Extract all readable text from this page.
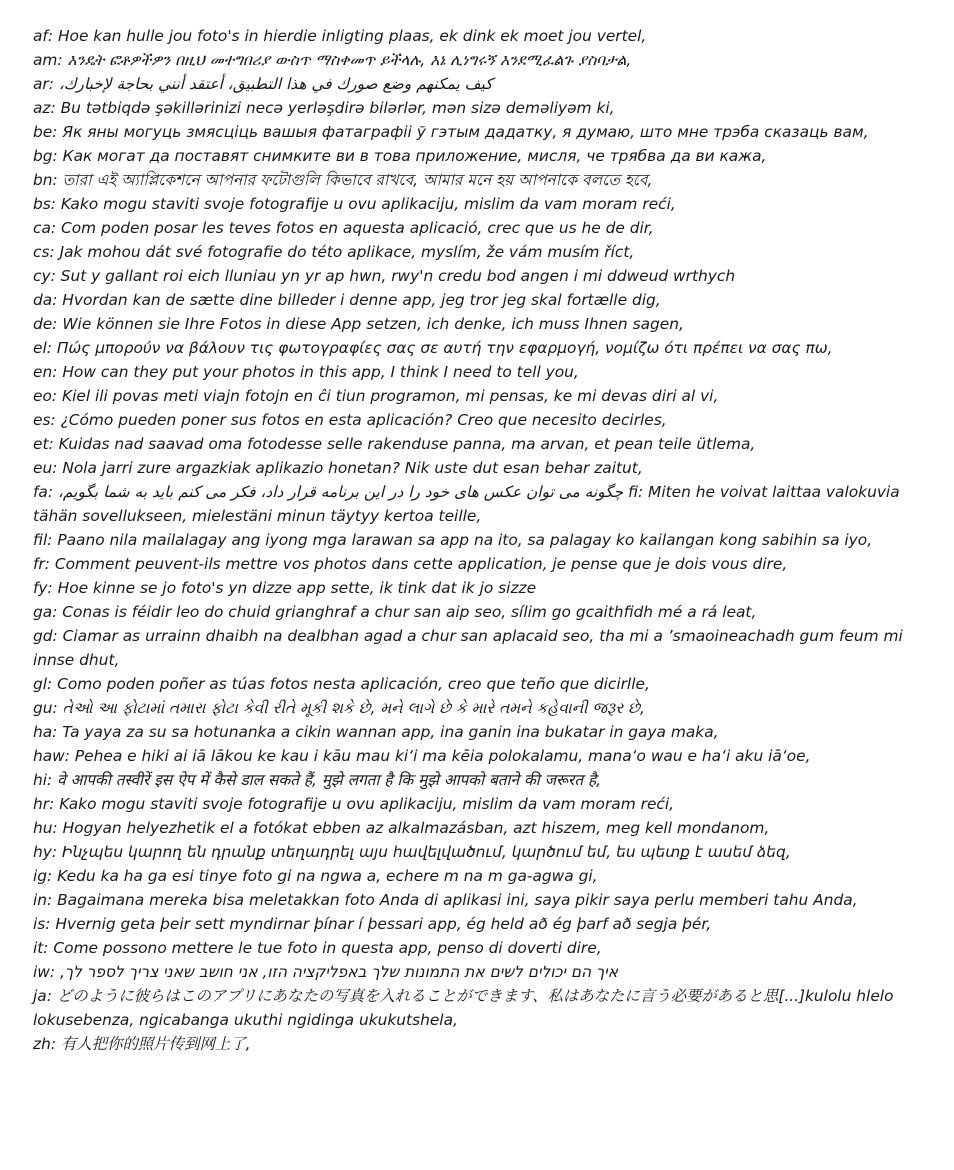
af: Hoe kan hulle jou foto's in hierdie inligting plaas, ek dink ek moet jou vertel,
am: እንዴት ፎቶዎችዎን በዚህ መተግበሪያ ውስጥ ማስቀመጥ ይችላሉ, እኔ ሊነግሩኝ እንደሚፈልጉ ያስባታል,
ar: كيف يمكنهم وضع صورك في هذا التطبيق، أعتقد أنني بحاجة لإخبارك،
az: Bu tətbiqdə şəkillərinizi necə yerləşdirə bilərlər, mən sizə deməliyəm ki,
be: Як яны могуць змясціць вашыя фатаграфіі ў гэтым дадатку, я думаю, што мне трэба сказаць вам,
bg: Как могат да поставят снимките ви в това приложение, мисля, че трябва да ви кажа,
bn: তারা এই অ্যাপ্লিকেশনে আপনার ফটোগুলি কিভাবে রাখবে, আমার মনে হয় আপনাকে বলতে হবে,
bs: Kako mogu staviti svoje fotografije u ovu aplikaciju, mislim da vam moram reći,
ca: Com poden posar les teves fotos en aquesta aplicació, crec que us he de dir,
cs: Jak mohou dát své fotografie do této aplikace, myslím, že vám musím říct,
cy: Sut y gallant roi eich lluniau yn yr ap hwn, rwy'n credu bod angen i mi ddweud wrthych
da: Hvordan kan de sætte dine billeder i denne app, jeg tror jeg skal fortælle dig,
de: Wie können sie Ihre Fotos in diese App setzen, ich denke, ich muss Ihnen sagen,
el: Πώς μπορούν να βάλουν τις φωτογραφίες σας σε αυτή την εφαρμογή, νομίζω ότι πρέπει να σας πω,
en: How can they put your photos in this app, I think I need to tell you,
eo: Kiel ili povas meti viajn fotojn en ĉi tiun programon, mi pensas, ke mi devas diri al vi,
es: ¿Cómo pueden poner sus fotos en esta aplicación? Creo que necesito decirles,
et: Kuidas nad saavad oma fotodesse selle rakenduse panna, ma arvan, et pean teile ütlema,
eu: Nola jarri zure argazkiak aplikazio honetan? Nik uste dut esan behar zaitut,
fa: چگونه می توان عکس های خود را در این برنامه قرار داد، فکر می کنم باید به شما بگویم، fi: Miten he voivat laittaa valokuvia tähän sovellukseen, mielestäni minun täytyy kertoa teille,
fil: Paano nila mailalagay ang iyong mga larawan sa app na ito, sa palagay ko kailangan kong sabihin sa iyo,
fr: Comment peuvent-ils mettre vos photos dans cette application, je pense que je dois vous dire,
fy: Hoe kinne se jo foto's yn dizze app sette, ik tink dat ik jo sizze
ga: Conas is féidir leo do chuid grianghraf a chur san aip seo, sílim go gcaithfidh mé a rá leat,
gd: Ciamar as urrainn dhaibh na dealbhan agad a chur san aplacaid seo, tha mi a ’smaoineachadh gum feum mi innse dhut,
gl: Como poden poñer as túas fotos nesta aplicación, creo que teño que dicirlle,
gu: તેઓ આ ફોટામાં તમારા ફોટા કેવી રીતે મૂકી શકે છે, મને લાગે છે કે મારે તમને કહેવાની જરૂર છે,
ha: Ta yaya za su sa hotunanka a cikin wannan app, ina ganin ina bukatar in gaya maka,
haw: Pehea e hiki ai iā lākou ke kau i kāu mau kiʻi ma kēia polokalamu, manaʻo wau e haʻi aku iāʻoe,
hi: वे आपकी तस्वीरें इस ऐप में कैसे डाल सकते हैं, मुझे लगता है कि मुझे आपको बताने की जरूरत है,
hr: Kako mogu staviti svoje fotografije u ovu aplikaciju, mislim da vam moram reći,
hu: Hogyan helyezhetik el a fotókat ebben az alkalmazásban, azt hiszem, meg kell mondanom,
hy: Ինչպես կարող են դրանք տեղադրել այս հավելվածում, կարծում եմ, ես պետք է ասեմ ձեզ,
ig: Kedu ka ha ga esi tinye foto gi na ngwa a, echere m na m ga-agwa gi,
in: Bagaimana mereka bisa meletakkan foto Anda di aplikasi ini, saya pikir saya perlu memberi tahu Anda,
is: Hvernig geta þeir sett myndirnar þínar í þessari app, ég held að ég þarf að segja þér,
it: Come possono mettere le tue foto in questa app, penso di doverti dire,
iw: איך הם יכולים לשים את התמונות שלך באפליקציה הזו, אני חושב שאני צריך לספר לך,
ja: どのように彼らはこのアプリにあなたの写真を入れることができます、私はあなたに言う必要があると思[...]kulolu hlelo lokusebenza, ngicabanga ukuthi ngidinga ukukutshela,
zh: 有人把你的照片传到网上了,
